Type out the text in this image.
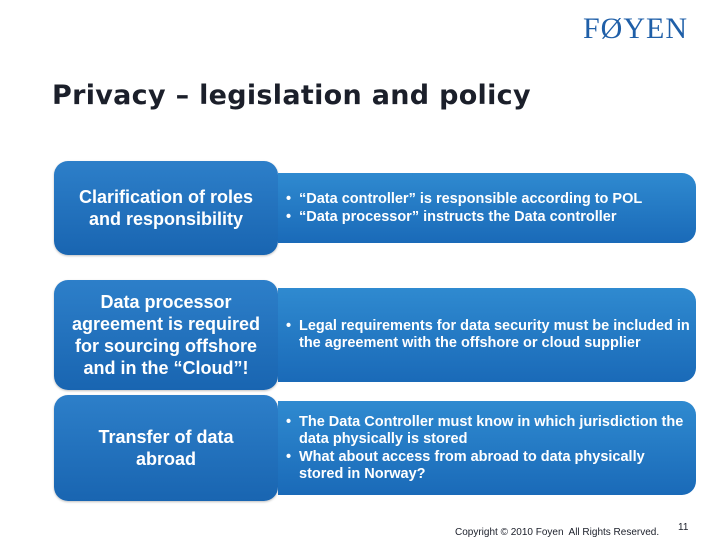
FØYEN
Privacy – legislation and policy
Clarification of roles
and responsibility
• “Data controller” is responsible according to POL
• “Data processor” instructs the Data controller
Data processor
agreement is required
for sourcing offshore
and in the “Cloud”!
• Legal requirements for data security must be included in the agreement with the offshore or cloud supplier
Transfer of data
abroad
• The Data Controller must know in which jurisdiction the data physically is stored
• What about access from abroad to data physically stored in Norway?
Copyright © 2010 Foyen  All Rights Reserved. 11
